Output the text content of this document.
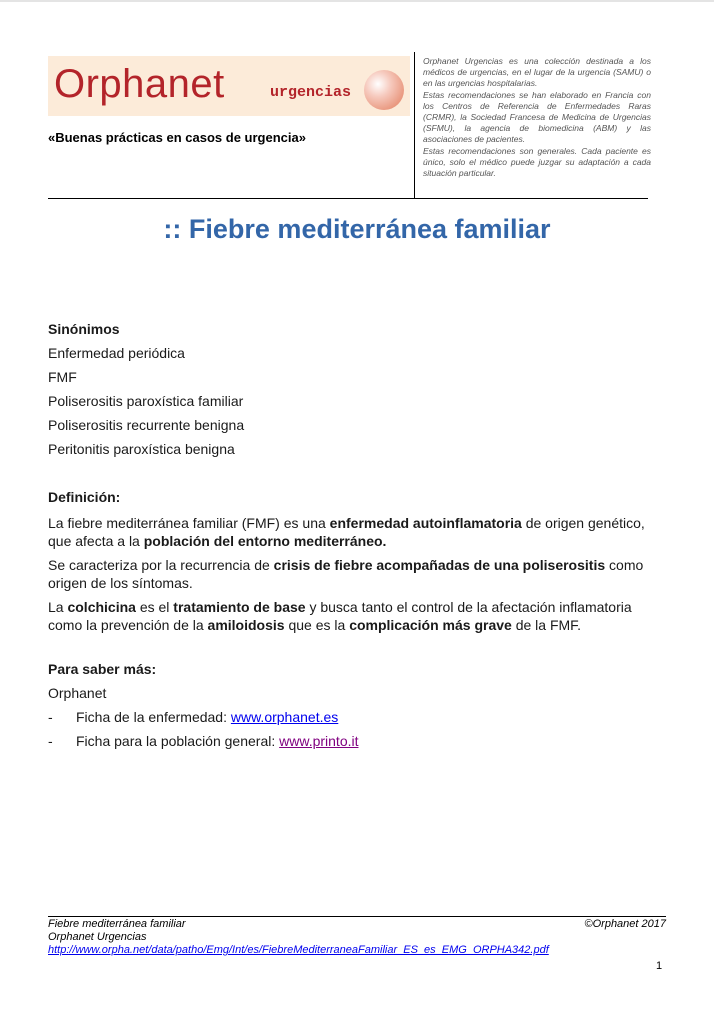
Orphanet	urgencias
«Buenas prácticas en casos de urgencia»

Orphanet Urgencias es una colección destinada a los médicos de urgencias, en el lugar de la urgencia (SAMU) o en las urgencias hospitalarias.

Estas recomendaciones se han elaborado en Francia con los Centros de Referencia de Enfermedades Raras (CRMR), la Sociedad Francesa de Medicina de Urgencias (SFMU), la agencia de biomedicina (ABM) y las asociaciones de pacientes.

Estas recomendaciones son generales. Cada paciente es único, solo el médico puede juzgar su adaptación a cada situación particular.

:: Fiebre mediterránea familiar

Sinónimos

Enfermedad periódica

FMF

Poliserositis paroxística familiar

Poliserositis recurrente benigna

Peritonitis paroxística benigna

Definición:

La fiebre mediterránea familiar (FMF) es una enfermedad autoinflamatoria de origen genético, que afecta a la población del entorno mediterráneo.

Se caracteriza por la recurrencia de crisis de fiebre acompañadas de una poliserositis como origen de los síntomas.

La colchicina es el tratamiento de base y busca tanto el control de la afectación inflamatoria como la prevención de la amiloidosis que es la complicación más grave de la FMF.

Para saber más:

Orphanet

- Ficha de la enfermedad: www.orphanet.es
- Ficha para la población general: www.printo.it
Fiebre mediterránea familiar	©Orphanet 2017
Orphanet Urgencias
http://www.orpha.net/data/patho/Emg/Int/es/FiebreMediterraneaFamiliar_ES_es_EMG_ORPHA342.pdf
1
